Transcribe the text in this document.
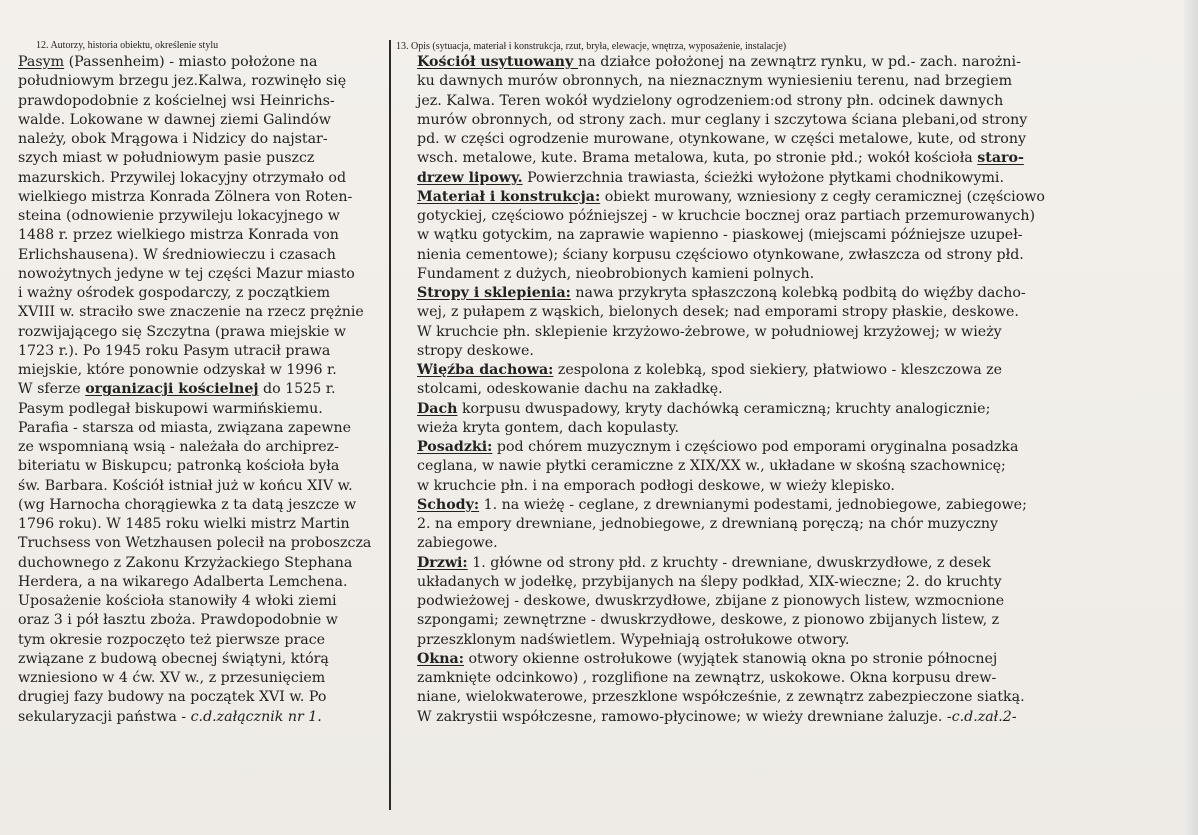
12. Autorzy, historia obiektu, określenie stylu	13. Opis (sytuacja, materiał i konstrukcja, rzut, bryła, elewacje, wnętrza, wyposażenie, instalacje)
Pasym (Passenheim) - miasto położone na
południowym brzegu jez.Kalwa, rozwinęło się
prawdopodobnie z kościelnej wsi Heinrichs-
walde. Lokowane w dawnej ziemi Galindów
należy, obok Mrągowa i Nidzicy do najstar-
szych miast w południowym pasie puszcz
mazurskich. Przywilej lokacyjny otrzymało od
wielkiego mistrza Konrada Zölnera von Roten-
steina (odnowienie przywileju lokacyjnego w
1488 r. przez wielkiego mistrza Konrada von
Erlichshausena). W średniowieczu i czasach
nowożytnych jedyne w tej części Mazur miasto
i ważny ośrodek gospodarczy, z początkiem
XVIII w. straciło swe znaczenie na rzecz prężnie
rozwijającego się Szczytna (prawa miejskie w
1723 r.). Po 1945 roku Pasym utracił prawa
miejskie, które ponownie odzyskał w 1996 r.
W sferze organizacji kościelnej do 1525 r.
Pasym podlegał biskupowi warmińskiemu.
Parafia - starsza od miasta, związana zapewne
ze wspomnianą wsią - należała do archiprez-
biteriatu w Biskupcu; patronką kościoła była
św. Barbara. Kościół istniał już w końcu XIV w.
(wg Harnocha chorągiewka z ta datą jeszcze w
1796 roku). W 1485 roku wielki mistrz Martin
Truchsess von Wetzhausen polecił na proboszcza
duchownego z Zakonu Krzyżackiego Stephana
Herdera, a na wikarego Adalberta Lemchena.
Uposażenie kościoła stanowiły 4 włoki ziemi
oraz 3 i pół łasztu zboża. Prawdopodobnie w
tym okresie rozpoczęto też pierwsze prace
związane z budową obecnej świątyni, którą
wzniesiono w 4 ćw. XV w., z przesunięciem
drugiej fazy budowy na początek XVI w. Po
sekularyzacji państwa - c.d.załącznik nr 1.
Kościół usytuowany na działce położonej na zewnątrz rynku, w pd.- zach. narożni-
ku dawnych murów obronnych, na nieznacznym wyniesieniu terenu, nad brzegiem
jez. Kalwa. Teren wokół wydzielony ogrodzeniem:od strony płn. odcinek dawnych
murów obronnych, od strony zach. mur ceglany i szczytowa ściana plebani,od strony
pd. w części ogrodzenie murowane, otynkowane, w części metalowe, kute, od strony
wsch. metalowe, kute. Brama metalowa, kuta, po stronie płd.; wokół kościoła staro-
drzew lipowy. Powierzchnia trawiasta, ścieżki wyłożone płytkami chodnikowymi.
Materiał i konstrukcja: obiekt murowany, wzniesiony z cegły ceramicznej (częściowo
gotyckiej, częściowo późniejszej - w kruchcie bocznej oraz partiach przemurowanych)
w wątku gotyckim, na zaprawie wapienno - piaskowej (miejscami późniejsze uzupeł-
nienia cementowe); ściany korpusu częściowo otynkowane, zwłaszcza od strony płd.
Fundament z dużych, nieobrobionych kamieni polnych.
Stropy i sklepienia: nawa przykryta spłaszczoną kolebką podbitą do więźby dacho-
wej, z pułapem z wąskich, bielonych desek; nad emporami stropy płaskie, deskowe.
W kruchcie płn. sklepienie krzyżowo-żebrowe, w południowej krzyżowej; w wieży
stropy deskowe.
Więźba dachowa: zespolona z kolebką, spod siekiery, płatwiowo - kleszczowa ze
stolcami, odeskowanie dachu na zakładkę.
Dach korpusu dwuspadowy, kryty dachówką ceramiczną; kruchty analogicznie;
wieża kryta gontem, dach kopulasty.
Posadzki: pod chórem muzycznym i częściowo pod emporami oryginalna posadzka
ceglana, w nawie płytki ceramiczne z XIX/XX w., układane w skośną szachownicę;
w kruchcie płn. i na emporach podłogi deskowe, w wieży klepisko.
Schody: 1. na wieżę - ceglane, z drewnianymi podestami, jednobiegowe, zabiegowe;
2. na empory drewniane, jednobiegowe, z drewnianą poręczą; na chór muzyczny
zabiegowe.
Drzwi: 1. główne od strony płd. z kruchty - drewniane, dwuskrzydłowe, z desek
układanych w jodełkę, przybijanych na ślepy podkład, XIX-wieczne; 2. do kruchty
podwieżowej - deskowe, dwuskrzydłowe, zbijane z pionowych listew, wzmocnione
szpongami; zewnętrzne - dwuskrzydłowe, deskowe, z pionowo zbijanych listew, z
przeszklonym nadświetlem. Wypełniają ostrołukowe otwory.
Okna: otwory okienne ostrołukowe (wyjątek stanowią okna po stronie północnej
zamknięte odcinkowo) , rozglifione na zewnątrz, uskokowe. Okna korpusu drew-
niane, wielokwaterowe, przeszklone współcześnie, z zewnątrz zabezpieczone siatką.
W zakrystii współczesne, ramowo-płycinowe; w wieży drewniane żaluzje. -c.d.zał.2-
